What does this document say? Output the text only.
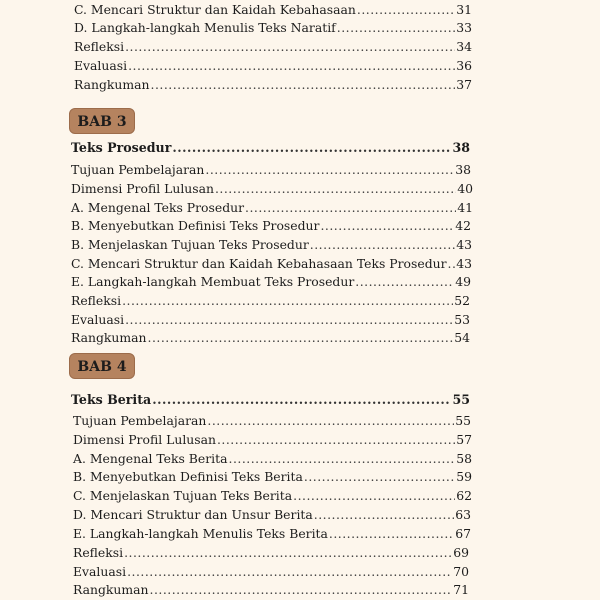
C. Mencari Struktur dan Kaidah Kebahasaan .....	31
D. Langkah-langkah Menulis Teks Naratif .....	33
Refleksi .....	34
Evaluasi .....	36
Rangkuman .....	37
BAB 3
Teks Prosedur .....	38
Tujuan Pembelajaran .....	38
Dimensi Profil Lulusan .....	40
A. Mengenal Teks Prosedur .....	41
B. Menyebutkan Definisi Teks Prosedur .....	42
B. Menjelaskan Tujuan Teks Prosedur .....	43
C. Mencari Struktur dan Kaidah Kebahasaan Teks Prosedur ..... 43
E. Langkah-langkah Membuat Teks Prosedur .....	49
Refleksi .....	52
Evaluasi .....	53
Rangkuman .....	54
BAB 4
Teks Berita .....	55
Tujuan Pembelajaran .....	55
Dimensi Profil Lulusan .....	57
A. Mengenal Teks Berita .....	58
B. Menyebutkan Definisi Teks Berita .....	59
C. Menjelaskan Tujuan Teks Berita .....	62
D. Mencari Struktur dan Unsur Berita .....	63
E. Langkah-langkah Menulis Teks Berita .....	67
Refleksi .....	69
Evaluasi .....	70
Rangkuman .....	71
